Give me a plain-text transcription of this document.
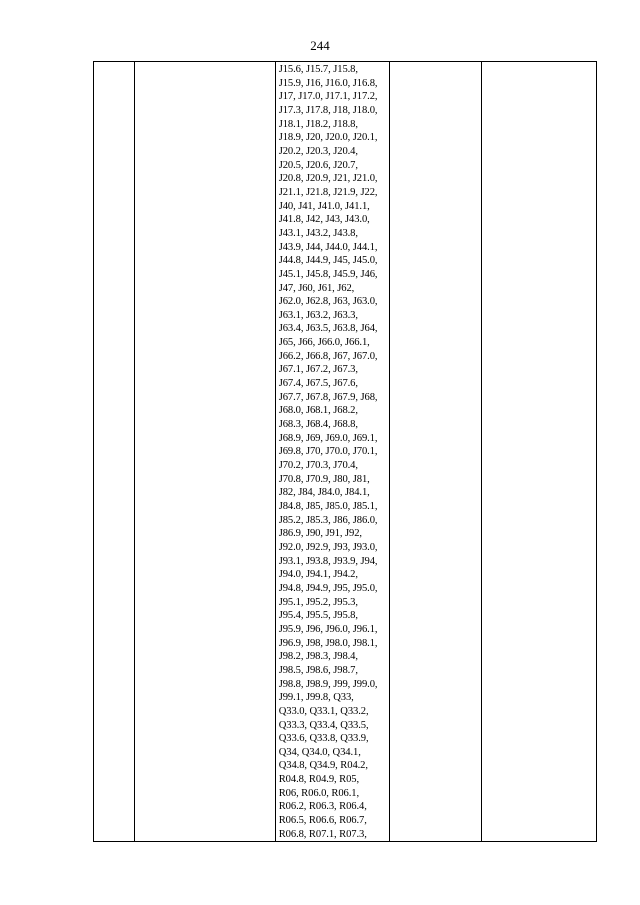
244

J15.6, J15.7, J15.8,
J15.9, J16, J16.0, J16.8,
J17, J17.0, J17.1, J17.2,
J17.3, J17.8, J18, J18.0,
J18.1, J18.2, J18.8,
J18.9, J20, J20.0, J20.1,
J20.2, J20.3, J20.4,
J20.5, J20.6, J20.7,
J20.8, J20.9, J21, J21.0,
J21.1, J21.8, J21.9, J22,
J40, J41, J41.0, J41.1,
J41.8, J42, J43, J43.0,
J43.1, J43.2, J43.8,
J43.9, J44, J44.0, J44.1,
J44.8, J44.9, J45, J45.0,
J45.1, J45.8, J45.9, J46,
J47, J60, J61, J62,
J62.0, J62.8, J63, J63.0,
J63.1, J63.2, J63.3,
J63.4, J63.5, J63.8, J64,
J65, J66, J66.0, J66.1,
J66.2, J66.8, J67, J67.0,
J67.1, J67.2, J67.3,
J67.4, J67.5, J67.6,
J67.7, J67.8, J67.9, J68,
J68.0, J68.1, J68.2,
J68.3, J68.4, J68.8,
J68.9, J69, J69.0, J69.1,
J69.8, J70, J70.0, J70.1,
J70.2, J70.3, J70.4,
J70.8, J70.9, J80, J81,
J82, J84, J84.0, J84.1,
J84.8, J85, J85.0, J85.1,
J85.2, J85.3, J86, J86.0,
J86.9, J90, J91, J92,
J92.0, J92.9, J93, J93.0,
J93.1, J93.8, J93.9, J94,
J94.0, J94.1, J94.2,
J94.8, J94.9, J95, J95.0,
J95.1, J95.2, J95.3,
J95.4, J95.5, J95.8,
J95.9, J96, J96.0, J96.1,
J96.9, J98, J98.0, J98.1,
J98.2, J98.3, J98.4,
J98.5, J98.6, J98.7,
J98.8, J98.9, J99, J99.0,
J99.1, J99.8, Q33,
Q33.0, Q33.1, Q33.2,
Q33.3, Q33.4, Q33.5,
Q33.6, Q33.8, Q33.9,
Q34, Q34.0, Q34.1,
Q34.8, Q34.9, R04.2,
R04.8, R04.9, R05,
R06, R06.0, R06.1,
R06.2, R06.3, R06.4,
R06.5, R06.6, R06.7,
R06.8, R07.1, R07.3,
